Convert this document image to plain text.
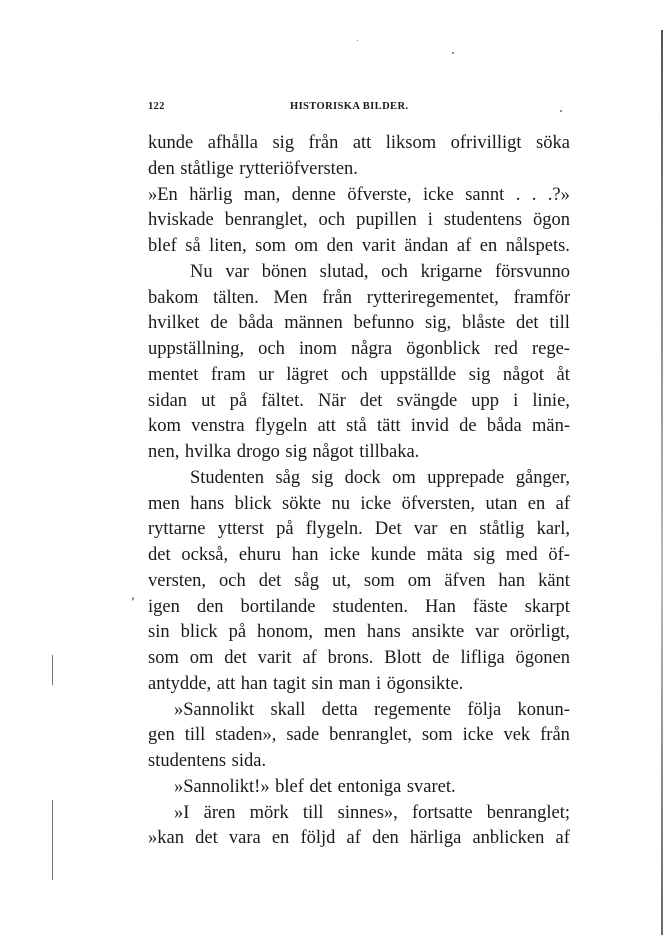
122	HISTORISKA BILDER.
kunde afhålla sig från att liksom ofrivilligt söka
den ståtlige rytteriöfversten.
»En härlig man, denne öfverste, icke sannt . . .?»
hviskade benranglet, och pupillen i studentens ögon
blef så liten, som om den varit ändan af en nålspets.
Nu var bönen slutad, och krigarne försvunno
bakom tälten. Men från rytteriregementet, framför
hvilket de båda männen befunno sig, blåste det till
uppställning, och inom några ögonblick red rege-
mentet fram ur lägret och uppställde sig något åt
sidan ut på fältet. När det svängde upp i linie,
kom venstra flygeln att stå tätt invid de båda män-
nen, hvilka drogo sig något tillbaka.
Studenten såg sig dock om upprepade gånger,
men hans blick sökte nu icke öfversten, utan en af
ryttarne ytterst på flygeln. Det var en ståtlig karl,
det också, ehuru han icke kunde mäta sig med öf-
versten, och det såg ut, som om äfven han känt
igen den bortilande studenten. Han fäste skarpt
sin blick på honom, men hans ansikte var orörligt,
som om det varit af brons. Blott de lifliga ögonen
antydde, att han tagit sin man i ögonsikte.
»Sannolikt skall detta regemente följa konun-
gen till staden», sade benranglet, som icke vek från
studentens sida.
»Sannolikt!» blef det entoniga svaret.
»I ären mörk till sinnes», fortsatte benranglet;
»kan det vara en följd af den härliga anblicken af
‚
